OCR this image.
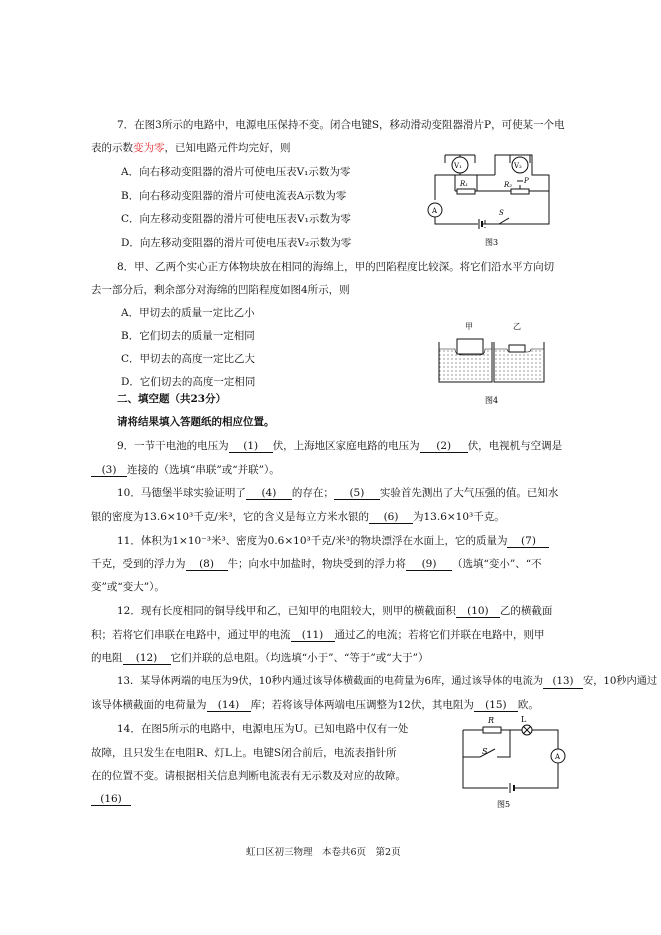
7．在图3所示的电路中，电源电压保持不变。闭合电键S，移动滑动变阻器滑片P，可使某一个电
表的示数变为零，已知电路元件均完好，则
A．向右移动变阻器的滑片可使电压表V₁示数为零
B．向右移动变阻器的滑片可使电流表A示数为零
C．向左移动变阻器的滑片可使电压表V₁示数为零
D．向左移动变阻器的滑片可使电压表V₂示数为零
V₁	V₂
R₁	R₂ P
A	S
图3
8．甲、乙两个实心正方体物块放在相同的海绵上，甲的凹陷程度比较深。将它们沿水平方向切
去一部分后，剩余部分对海绵的凹陷程度如图4所示，则
A．甲切去的质量一定比乙小
B．它们切去的质量一定相同
C．甲切去的高度一定比乙大
D．它们切去的高度一定相同
甲	乙
图4
二、填空题（共23分）
请将结果填入答题纸的相应位置。
9．一节干电池的电压为 (1) 伏，上海地区家庭电路的电压为 (2) 伏，电视机与空调是
(3) 连接的（选填“串联”或“并联”）。
10．马德堡半球实验证明了 (4) 的存在； (5) 实验首先测出了大气压强的值。已知水
银的密度为13.6×10³千克/米³，它的含义是每立方米水银的 (6) 为13.6×10³千克。
11．体积为1×10⁻³米³、密度为0.6×10³千克/米³的物块漂浮在水面上，它的质量为 (7)
千克，受到的浮力为 (8) 牛；向水中加盐时，物块受到的浮力将 (9) （选填“变小”、“不
变”或“变大”）。
12．现有长度相同的铜导线甲和乙，已知甲的电阻较大，则甲的横截面积 (10) 乙的横截面
积；若将它们串联在电路中，通过甲的电流 (11) 通过乙的电流；若将它们并联在电路中，则甲
的电阻 (12) 它们并联的总电阻。（均选填“小于”、“等于”或“大于”）
13．某导体两端的电压为9伏，10秒内通过该导体横截面的电荷量为6库，通过该导体的电流为 (13) 安，10秒内通过
该导体横截面的电荷量为 (14) 库；若将该导体两端电压调整为12伏，其电阻为 (15) 欧。
14．在图5所示的电路中，电源电压为U。已知电路中仅有一处
故障，且只发生在电阻R、灯L上。电键S闭合前后，电流表指针所
在的位置不变。请根据相关信息判断电流表有无示数及对应的故障。
(16)
R	L
S
A
图5
虹口区初三物理　本卷共6页　第2页
